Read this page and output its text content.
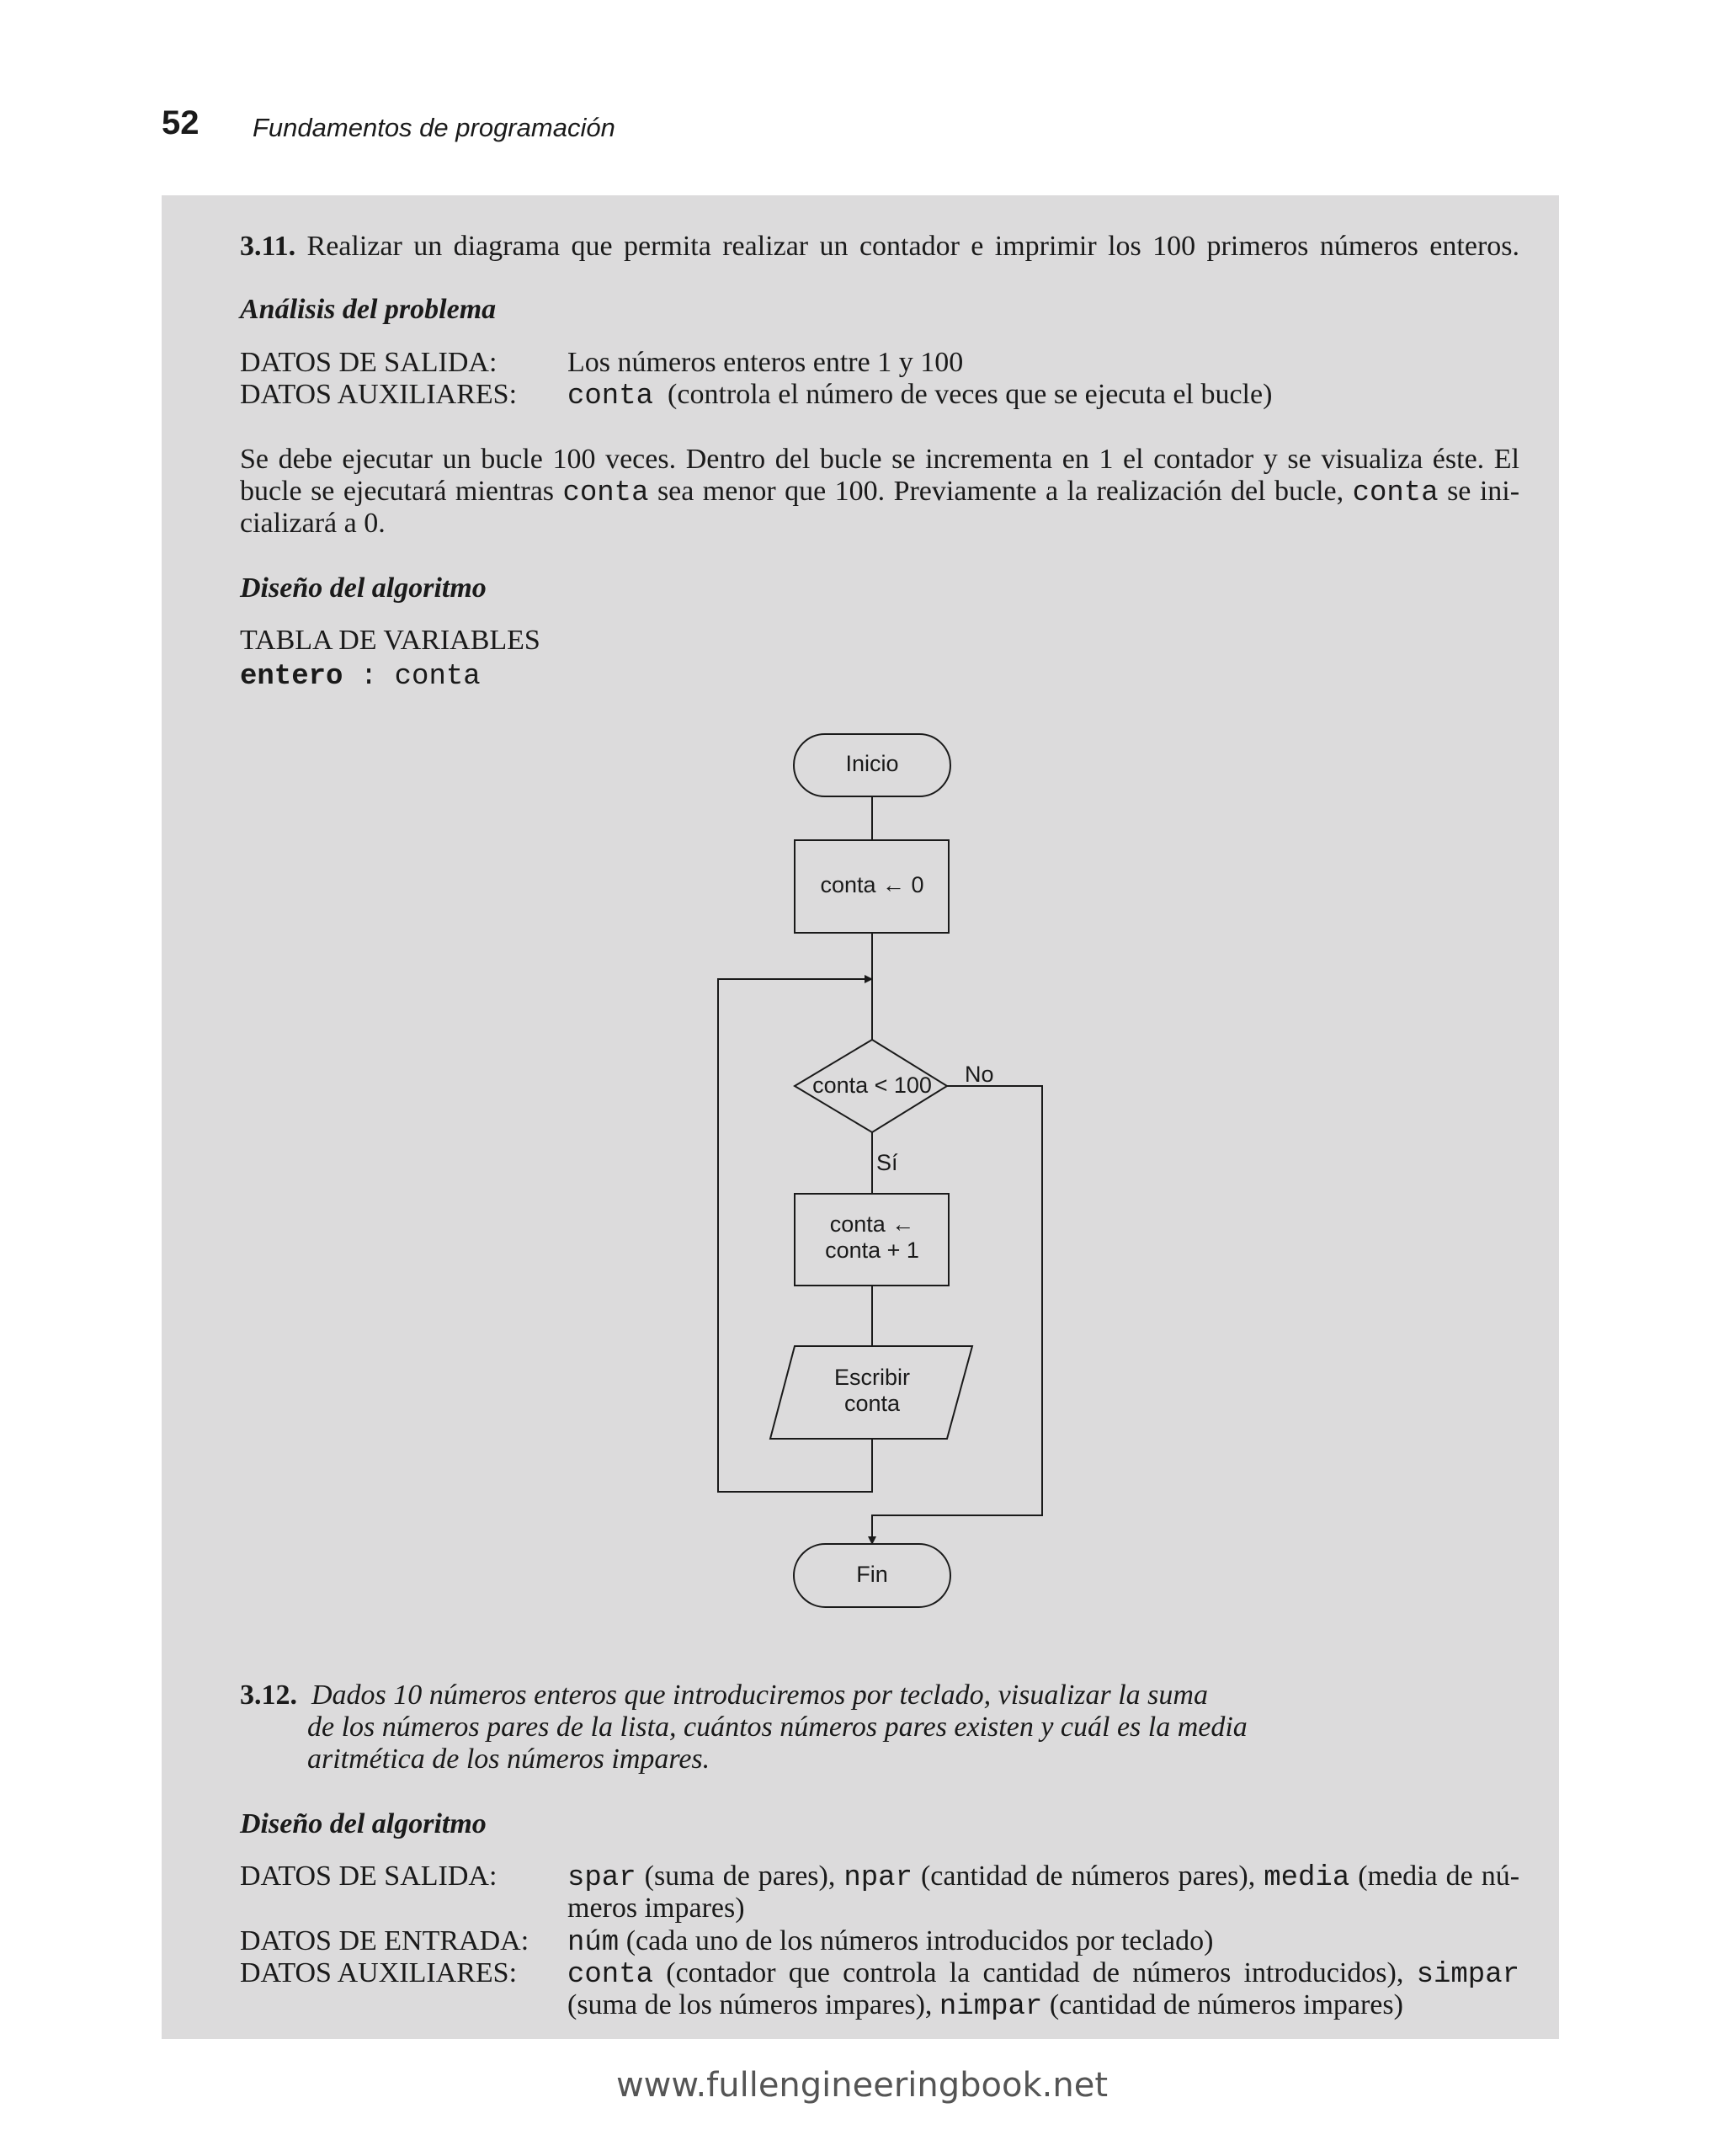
52 Fundamentos de programación
3.11. Realizar un diagrama que permita realizar un contador e imprimir los 100 primeros números enteros.
Análisis del problema
DATOS DE SALIDA: Los números enteros entre 1 y 100
DATOS AUXILIARES: conta (controla el número de veces que se ejecuta el bucle)
Se debe ejecutar un bucle 100 veces. Dentro del bucle se incrementa en 1 el contador y se visualiza éste. El
bucle se ejecutará mientras conta sea menor que 100. Previamente a la realización del bucle, conta se ini-
cializará a 0.
Diseño del algoritmo
TABLA DE VARIABLES
entero : conta
Inicio
conta ← 0
conta < 100 No
Sí
conta ←
conta + 1
Escribir
conta
Fin
3.12. Dados 10 números enteros que introduciremos por teclado, visualizar la suma
de los números pares de la lista, cuántos números pares existen y cuál es la media
aritmética de los números impares.
Diseño del algoritmo
DATOS DE SALIDA: spar (suma de pares), npar (cantidad de números pares), media (media de nú-
meros impares)
DATOS DE ENTRADA: núm (cada uno de los números introducidos por teclado)
DATOS AUXILIARES: conta (contador que controla la cantidad de números introducidos), simpar
(suma de los números impares), nimpar (cantidad de números impares)
www.fullengineeringbook.net
